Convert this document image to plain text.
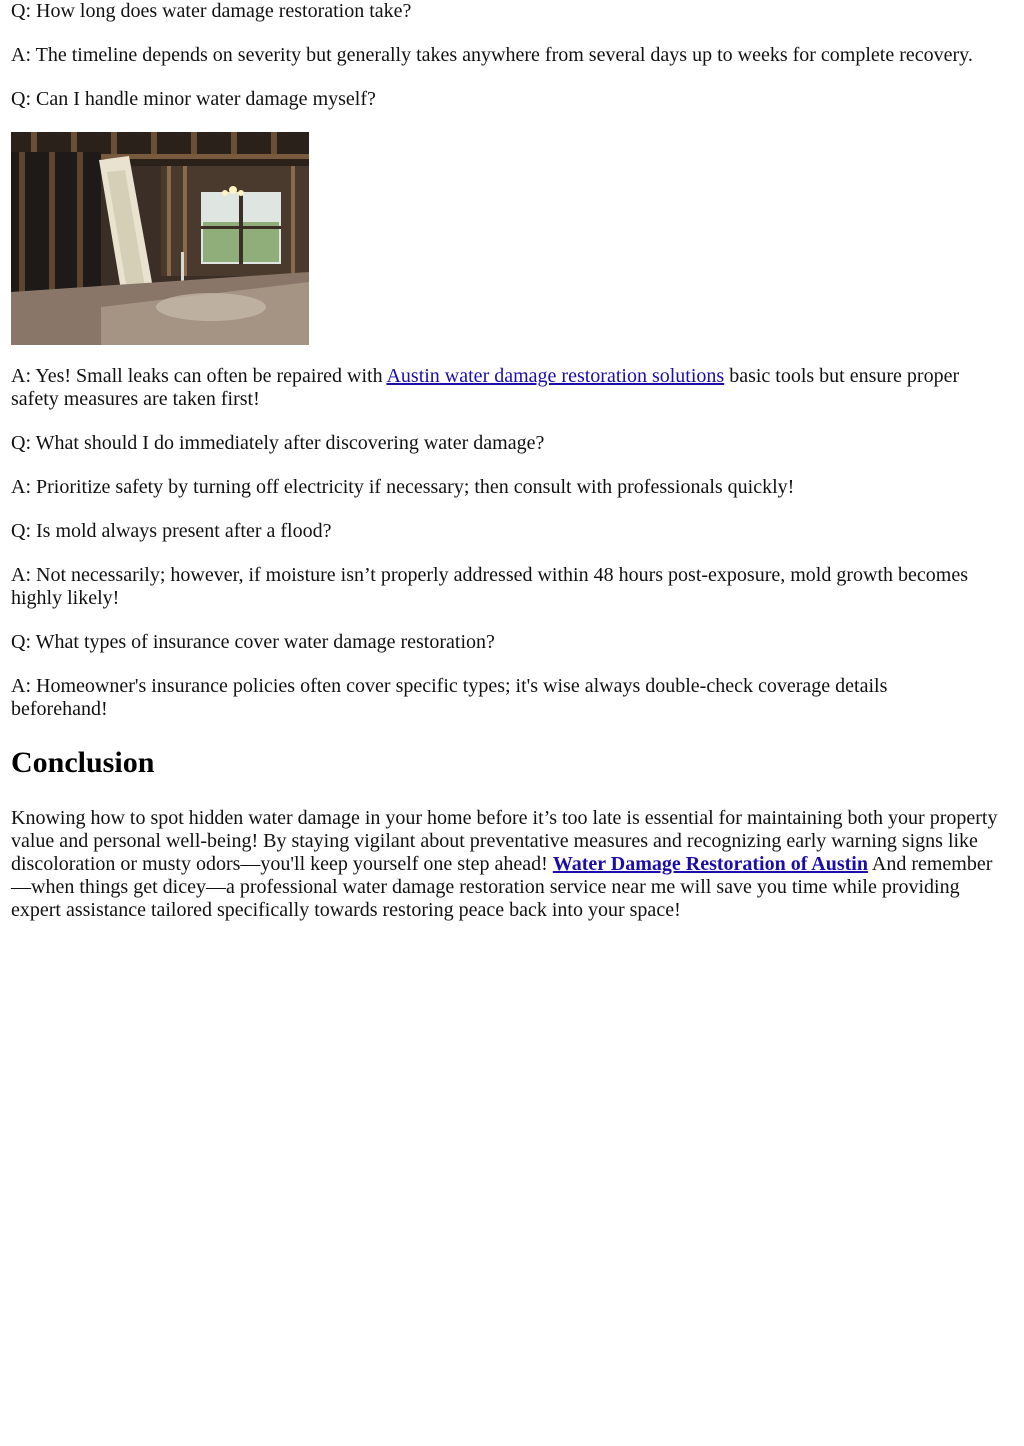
Q: How long does water damage restoration take?

A: The timeline depends on severity but generally takes anywhere from several days up to weeks for complete recovery.

Q: Can I handle minor water damage myself?

A: Yes! Small leaks can often be repaired with Austin water damage restoration solutions basic tools but ensure proper safety measures are taken first!

Q: What should I do immediately after discovering water damage?

A: Prioritize safety by turning off electricity if necessary; then consult with professionals quickly!

Q: Is mold always present after a flood?

A: Not necessarily; however, if moisture isn’t properly addressed within 48 hours post-exposure, mold growth becomes highly likely!

Q: What types of insurance cover water damage restoration?

A: Homeowner's insurance policies often cover specific types; it's wise always double-check coverage details beforehand!

Conclusion

Knowing how to spot hidden water damage in your home before it’s too late is essential for maintaining both your property value and personal well-being! By staying vigilant about preventative measures and recognizing early warning signs like discoloration or musty odors—you'll keep yourself one step ahead! Water Damage Restoration of Austin And remember—when things get dicey—a professional water damage restoration service near me will save you time while providing expert assistance tailored specifically towards restoring peace back into your space!
